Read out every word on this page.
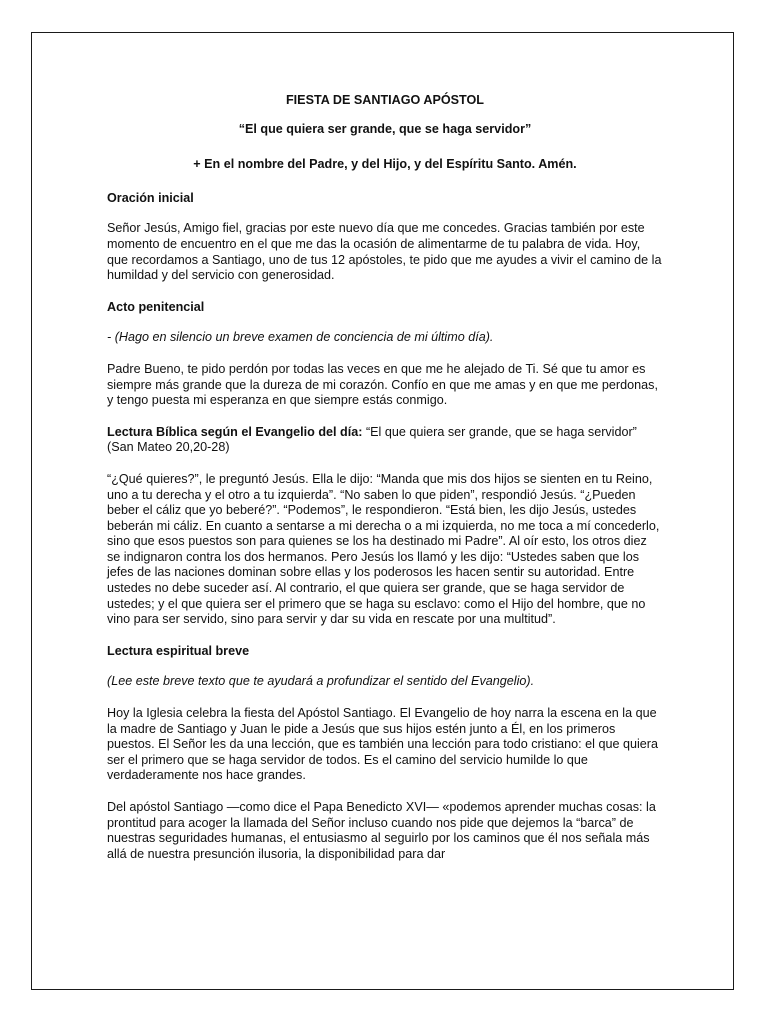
FIESTA DE SANTIAGO APÓSTOL
“El que quiera ser grande, que se haga servidor”
+ En el nombre del Padre, y del Hijo, y del Espíritu Santo. Amén.
Oración inicial

Señor Jesús, Amigo fiel, gracias por este nuevo día que me concedes. Gracias también por este momento de encuentro en el que me das la ocasión de alimentarme de tu palabra de vida. Hoy, que recordamos a Santiago, uno de tus 12 apóstoles, te pido que me ayudes a vivir el camino de la humildad y del servicio con generosidad.

Acto penitencial

- (Hago en silencio un breve examen de conciencia de mi último día).

Padre Bueno, te pido perdón por todas las veces en que me he alejado de Ti. Sé que tu amor es siempre más grande que la dureza de mi corazón. Confío en que me amas y en que me perdonas, y tengo puesta mi esperanza en que siempre estás conmigo.

Lectura Bíblica según el Evangelio del día: “El que quiera ser grande, que se haga servidor” (San Mateo 20,20-28)

“¿Qué quieres?”, le preguntó Jesús. Ella le dijo: “Manda que mis dos hijos se sienten en tu Reino, uno a tu derecha y el otro a tu izquierda”. “No saben lo que piden”, respondió Jesús. “¿Pueden beber el cáliz que yo beberé?”. “Podemos”, le respondieron. “Está bien, les dijo Jesús, ustedes beberán mi cáliz. En cuanto a sentarse a mi derecha o a mi izquierda, no me toca a mí concederlo, sino que esos puestos son para quienes se los ha destinado mi Padre”. Al oír esto, los otros diez se indignaron contra los dos hermanos. Pero Jesús los llamó y les dijo: “Ustedes saben que los jefes de las naciones dominan sobre ellas y los poderosos les hacen sentir su autoridad. Entre ustedes no debe suceder así. Al contrario, el que quiera ser grande, que se haga servidor de ustedes; y el que quiera ser el primero que se haga su esclavo: como el Hijo del hombre, que no vino para ser servido, sino para servir y dar su vida en rescate por una multitud”.

Lectura espiritual breve

(Lee este breve texto que te ayudará a profundizar el sentido del Evangelio).

Hoy la Iglesia celebra la fiesta del Apóstol Santiago. El Evangelio de hoy narra la escena en la que la madre de Santiago y Juan le pide a Jesús que sus hijos estén junto a Él, en los primeros puestos. El Señor les da una lección, que es también una lección para todo cristiano: el que quiera ser el primero que se haga servidor de todos. Es el camino del servicio humilde lo que verdaderamente nos hace grandes.

Del apóstol Santiago —como dice el Papa Benedicto XVI— «podemos aprender muchas cosas: la prontitud para acoger la llamada del Señor incluso cuando nos pide que dejemos la “barca” de nuestras seguridades humanas, el entusiasmo al seguirlo por los caminos que él nos señala más allá de nuestra presunción ilusoria, la disponibilidad para dar
